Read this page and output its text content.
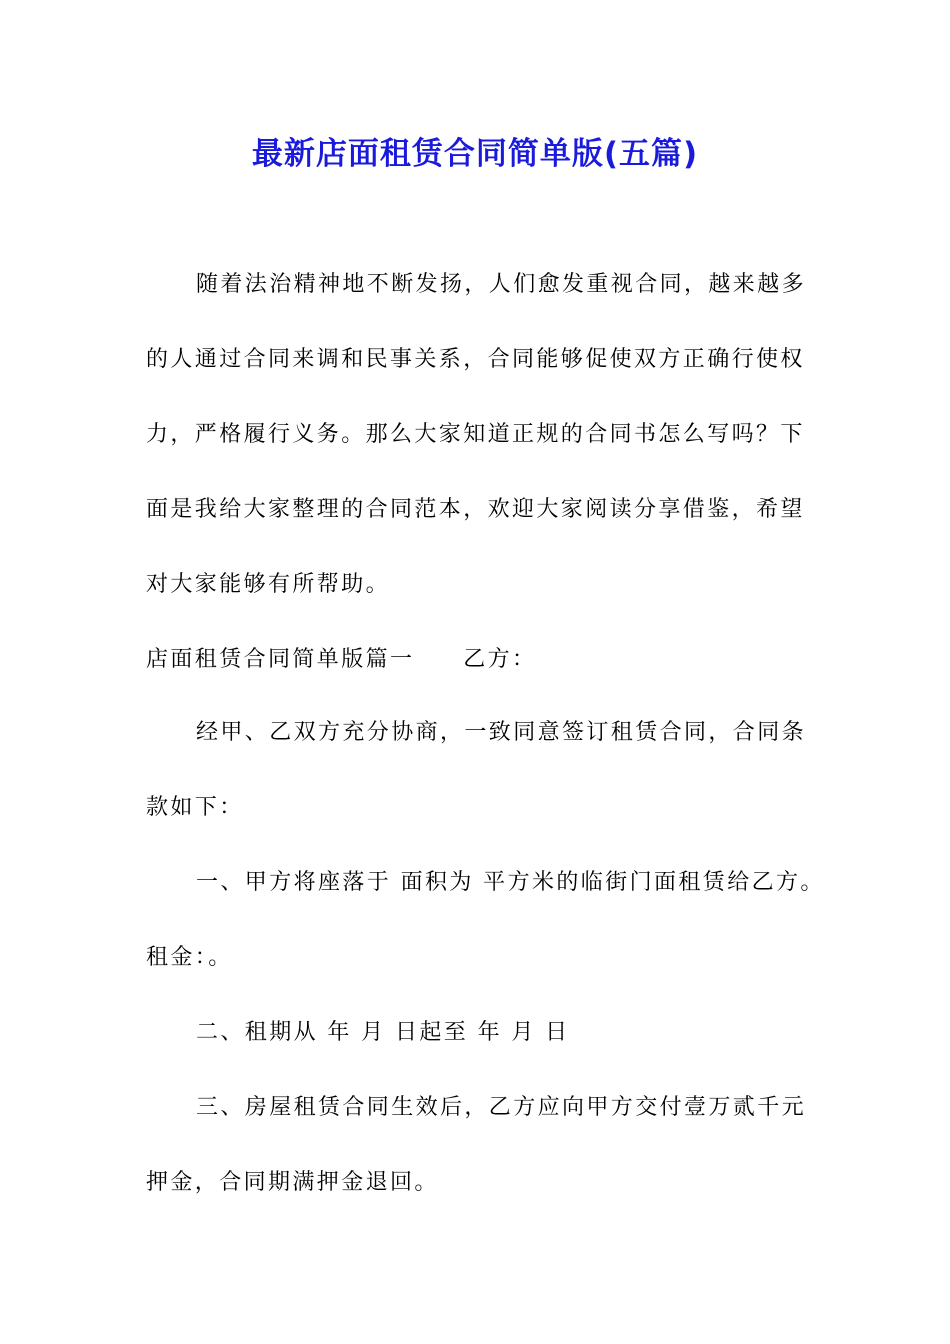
最新店面租赁合同简单版(五篇)
随着法治精神地不断发扬，人们愈发重视合同，越来越多
的人通过合同来调和民事关系，合同能够促使双方正确行使权
力，严格履行义务。那么大家知道正规的合同书怎么写吗？下
面是我给大家整理的合同范本，欢迎大家阅读分享借鉴，希望
对大家能够有所帮助。
店面租赁合同简单版篇一　　乙方：
经甲、乙双方充分协商，一致同意签订租赁合同，合同条
款如下：
一、甲方将座落于 面积为 平方米的临街门面租赁给乙方。
租金：。
二、租期从 年 月 日起至 年 月 日
三、房屋租赁合同生效后，乙方应向甲方交付壹万贰千元
押金，合同期满押金退回。
